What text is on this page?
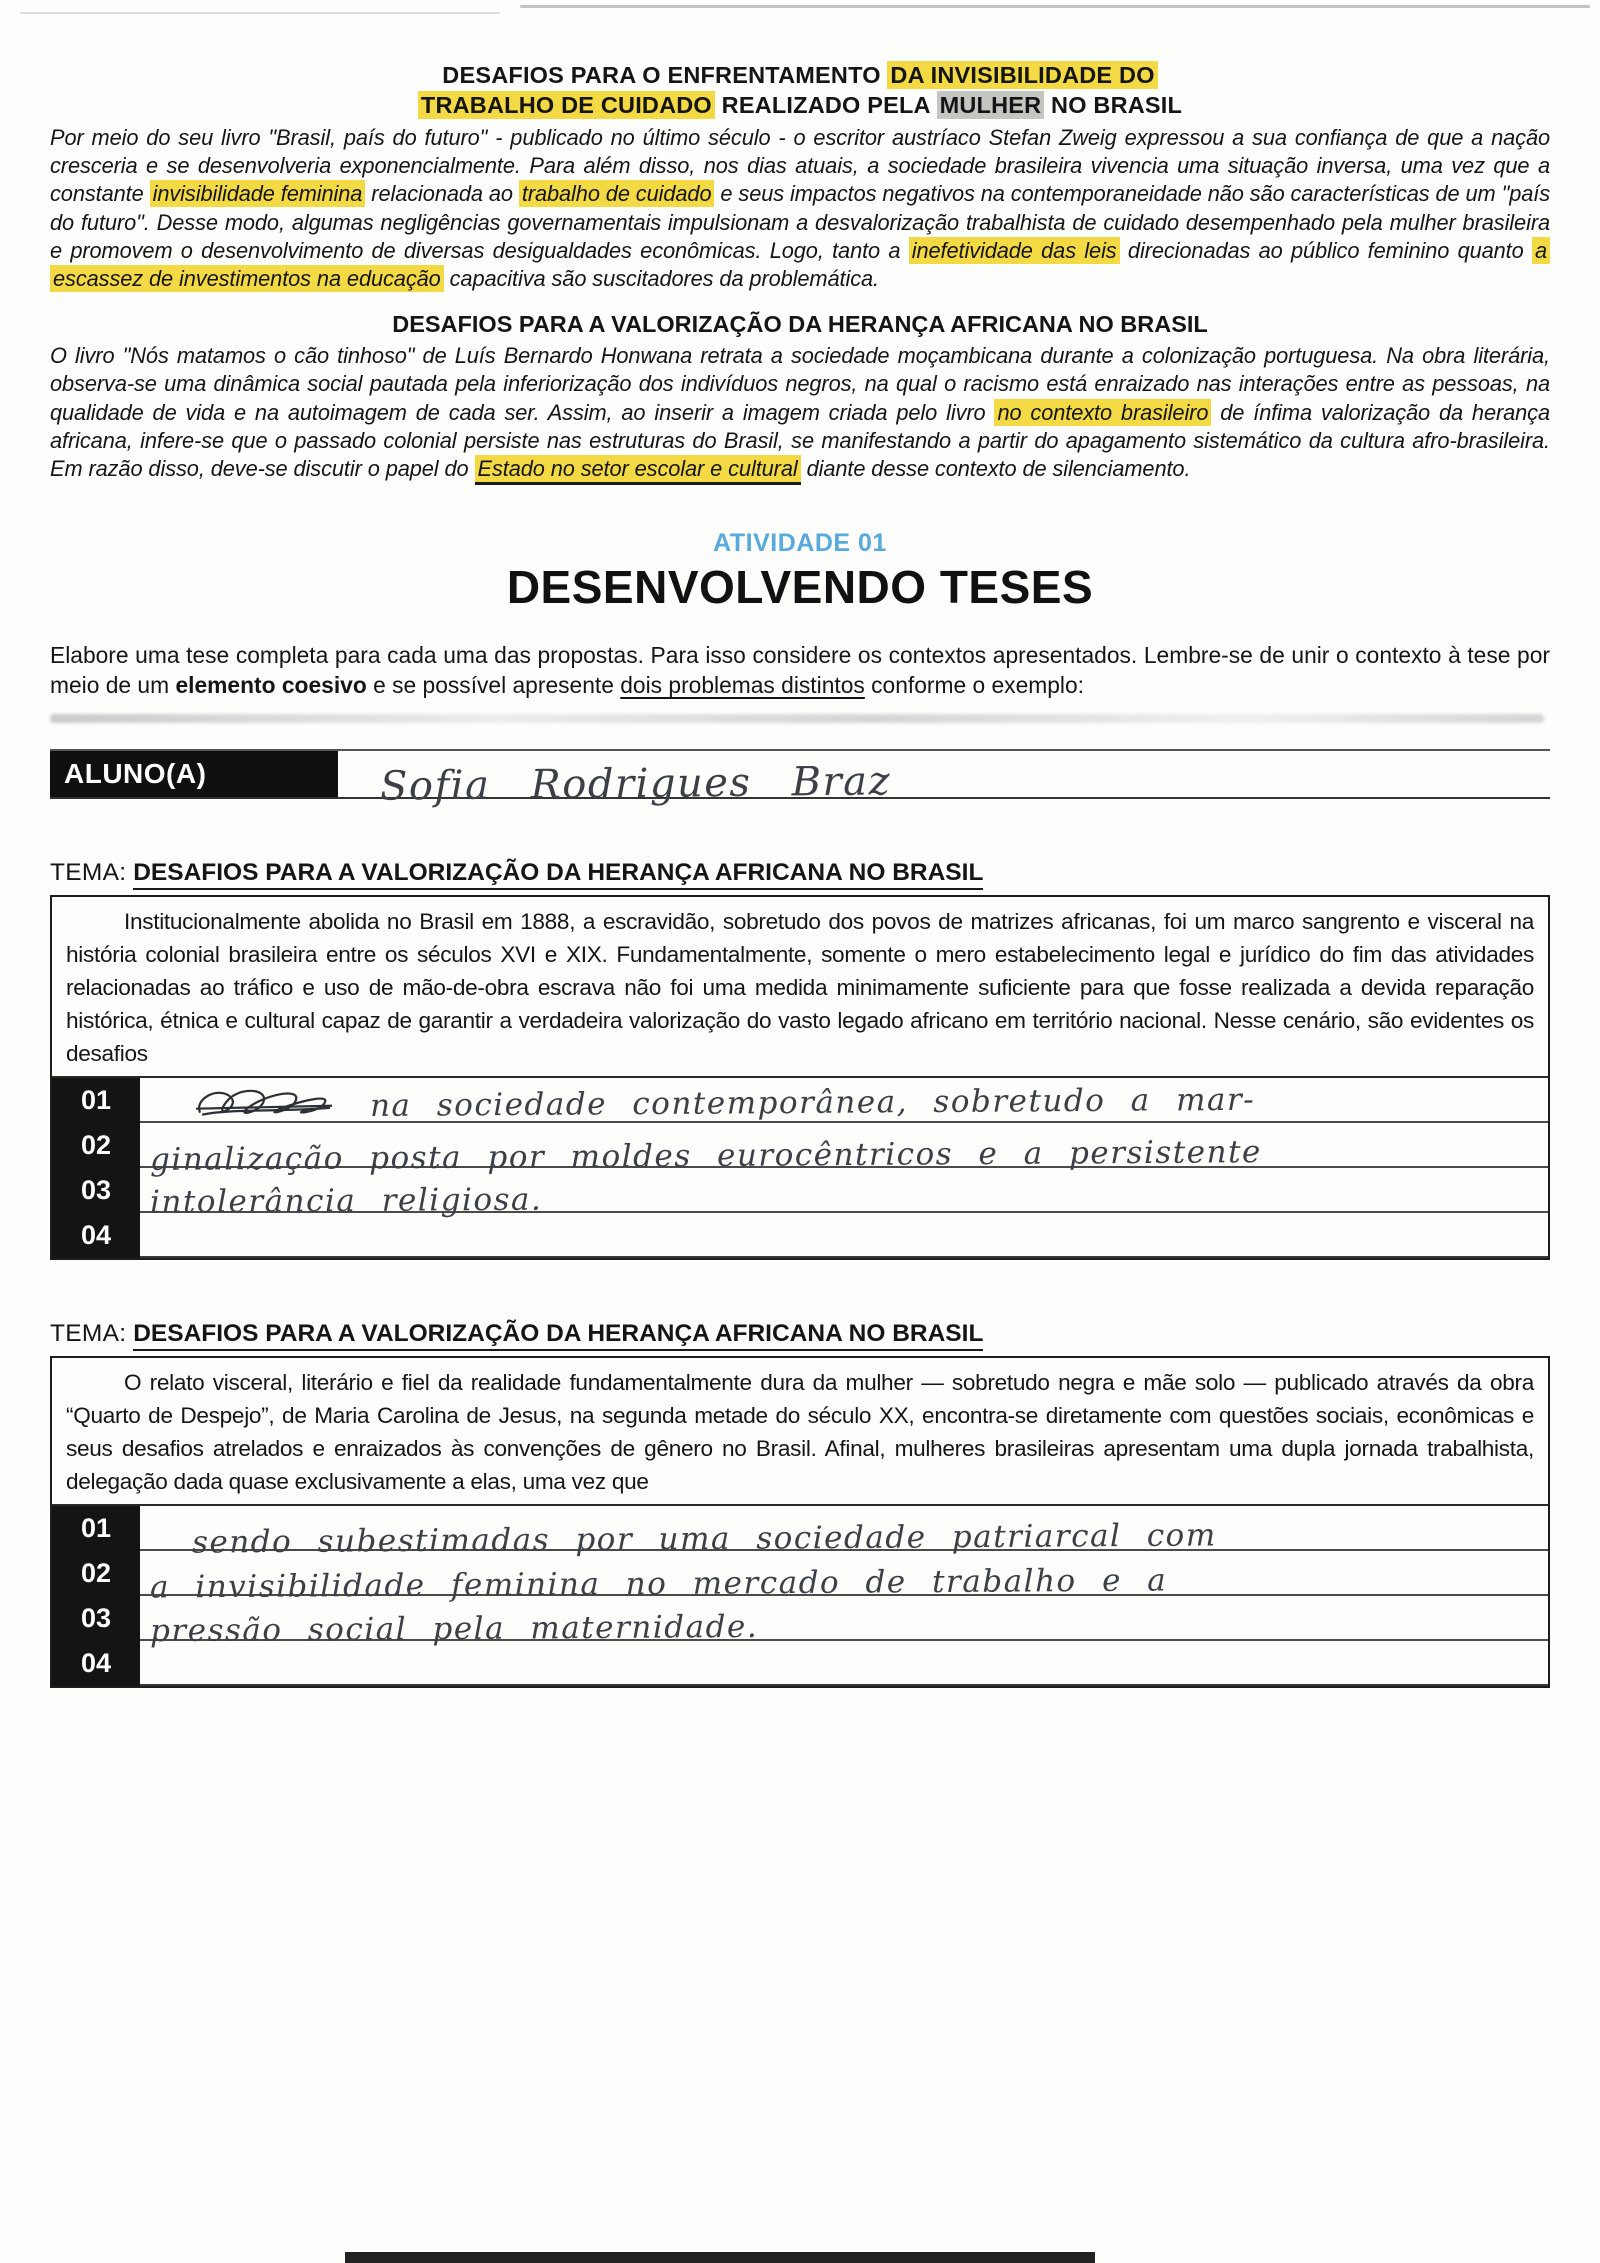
DESAFIOS PARA O ENFRENTAMENTO DA INVISIBILIDADE DO
TRABALHO DE CUIDADO REALIZADO PELA MULHER NO BRASIL

Por meio do seu livro "Brasil, país do futuro" - publicado no último século - o escritor austríaco Stefan Zweig expressou a sua confiança de que a nação cresceria e se desenvolveria exponencialmente. Para além disso, nos dias atuais, a sociedade brasileira vivencia uma situação inversa, uma vez que a constante invisibilidade feminina relacionada ao trabalho de cuidado e seus impactos negativos na contemporaneidade não são características de um "país do futuro". Desse modo, algumas negligências governamentais impulsionam a desvalorização trabalhista de cuidado desempenhado pela mulher brasileira e promovem o desenvolvimento de diversas desigualdades econômicas. Logo, tanto a inefetividade das leis direcionadas ao público feminino quanto a escassez de investimentos na educação capacitiva são suscitadores da problemática.

DESAFIOS PARA A VALORIZAÇÃO DA HERANÇA AFRICANA NO BRASIL

O livro "Nós matamos o cão tinhoso" de Luís Bernardo Honwana retrata a sociedade moçambicana durante a colonização portuguesa. Na obra literária, observa-se uma dinâmica social pautada pela inferiorização dos indivíduos negros, na qual o racismo está enraizado nas interações entre as pessoas, na qualidade de vida e na autoimagem de cada ser. Assim, ao inserir a imagem criada pelo livro no contexto brasileiro de ínfima valorização da herança africana, infere-se que o passado colonial persiste nas estruturas do Brasil, se manifestando a partir do apagamento sistemático da cultura afro-brasileira. Em razão disso, deve-se discutir o papel do Estado no setor escolar e cultural diante desse contexto de silenciamento.

ATIVIDADE 01
DESENVOLVENDO TESES

Elabore uma tese completa para cada uma das propostas. Para isso considere os contextos apresentados. Lembre-se de unir o contexto à tese por meio de um elemento coesivo e se possível apresente dois problemas distintos conforme o exemplo:

ALUNO(A)	Sofia Rodrigues Braz
TEMA: DESAFIOS PARA A VALORIZAÇÃO DA HERANÇA AFRICANA NO BRASIL

Institucionalmente abolida no Brasil em 1888, a escravidão, sobretudo dos povos de matrizes africanas, foi um marco sangrento e visceral na história colonial brasileira entre os séculos XVI e XIX. Fundamentalmente, somente o mero estabelecimento legal e jurídico do fim das atividades relacionadas ao tráfico e uso de mão-de-obra escrava não foi uma medida minimamente suficiente para que fosse realizada a devida reparação histórica, étnica e cultural capaz de garantir a verdadeira valorização do vasto legado africano em território nacional. Nesse cenário, são evidentes os desafios

01	na sociedade contemporânea, sobretudo a mar-
02	ginalização posta por moldes eurocêntricos e a persistente
03	intolerância religiosa.
04
TEMA: DESAFIOS PARA A VALORIZAÇÃO DA HERANÇA AFRICANA NO BRASIL

O relato visceral, literário e fiel da realidade fundamentalmente dura da mulher — sobretudo negra e mãe solo — publicado através da obra “Quarto de Despejo”, de Maria Carolina de Jesus, na segunda metade do século XX, encontra-se diretamente com questões sociais, econômicas e seus desafios atrelados e enraizados às convenções de gênero no Brasil. Afinal, mulheres brasileiras apresentam uma dupla jornada trabalhista, delegação dada quase exclusivamente a elas, uma vez que

01	sendo subestimadas por uma sociedade patriarcal com
02	a invisibilidade feminina no mercado de trabalho e a
03	pressão social pela maternidade.
04
